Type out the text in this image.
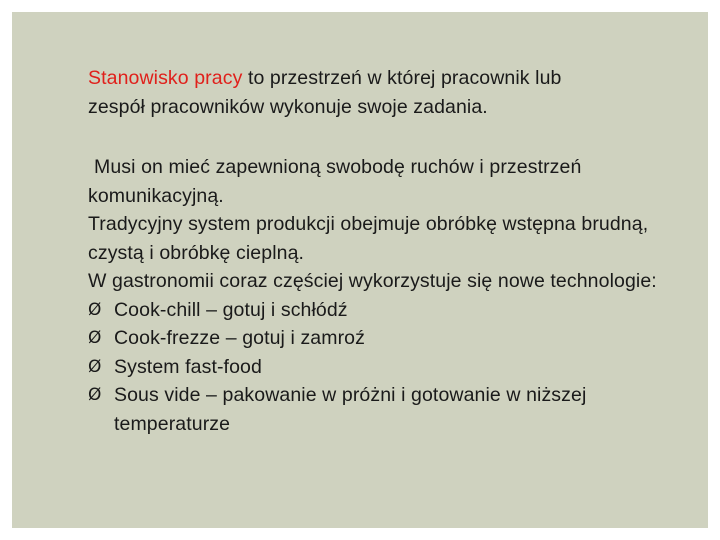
Stanowisko pracy to przestrzeń w której pracownik lub
zespół pracowników wykonuje swoje zadania.

Musi on mieć zapewnioną swobodę ruchów i przestrzeń komunikacyjną.

Tradycyjny system produkcji obejmuje obróbkę wstępna brudną, czystą i obróbkę cieplną.

W gastronomii coraz częściej wykorzystuje się nowe technologie:

Ø Cook-chill – gotuj i schłódź
Ø Cook-frezze – gotuj i zamroź
Ø System fast-food
Ø Sous vide – pakowanie w próżni i gotowanie w niższej temperaturze
